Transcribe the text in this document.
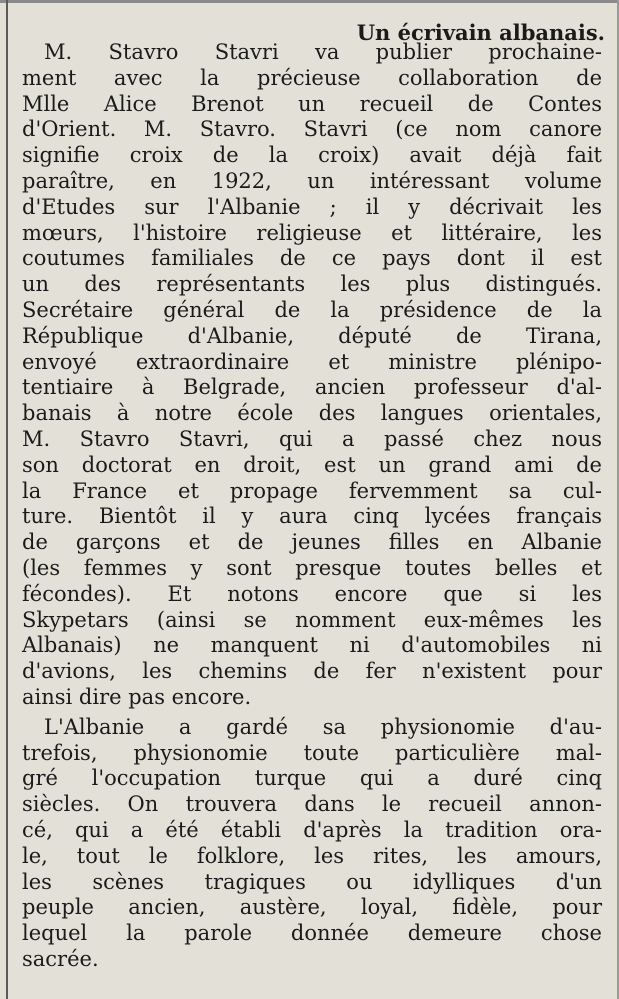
Un écrivain albanais.

M. Stavro Stavri va publier prochaine-
ment avec la précieuse collaboration de
Mlle Alice Brenot un recueil de Contes
d'Orient. M. Stavro. Stavri (ce nom canore
signifie croix de la croix) avait déjà fait
paraître, en 1922, un intéressant volume
d'Etudes sur l'Albanie ; il y décrivait les
mœurs, l'histoire religieuse et littéraire, les
coutumes familiales de ce pays dont il est
un des représentants les plus distingués.
Secrétaire général de la présidence de la
République d'Albanie, député de Tirana,
envoyé extraordinaire et ministre plénipo-
tentiaire à Belgrade, ancien professeur d'al-
banais à notre école des langues orientales,
M. Stavro Stavri, qui a passé chez nous
son doctorat en droit, est un grand ami de
la France et propage fervemment sa cul-
ture. Bientôt il y aura cinq lycées français
de garçons et de jeunes filles en Albanie
(les femmes y sont presque toutes belles et
fécondes). Et notons encore que si les
Skypetars (ainsi se nomment eux-mêmes les
Albanais) ne manquent ni d'automobiles ni
d'avions, les chemins de fer n'existent pour
ainsi dire pas encore.

L'Albanie a gardé sa physionomie d'au-
trefois, physionomie toute particulière mal-
gré l'occupation turque qui a duré cinq
siècles. On trouvera dans le recueil annon-
cé, qui a été établi d'après la tradition ora-
le, tout le folklore, les rites, les amours,
les scènes tragiques ou idylliques d'un
peuple ancien, austère, loyal, fidèle, pour
lequel la parole donnée demeure chose
sacrée.
